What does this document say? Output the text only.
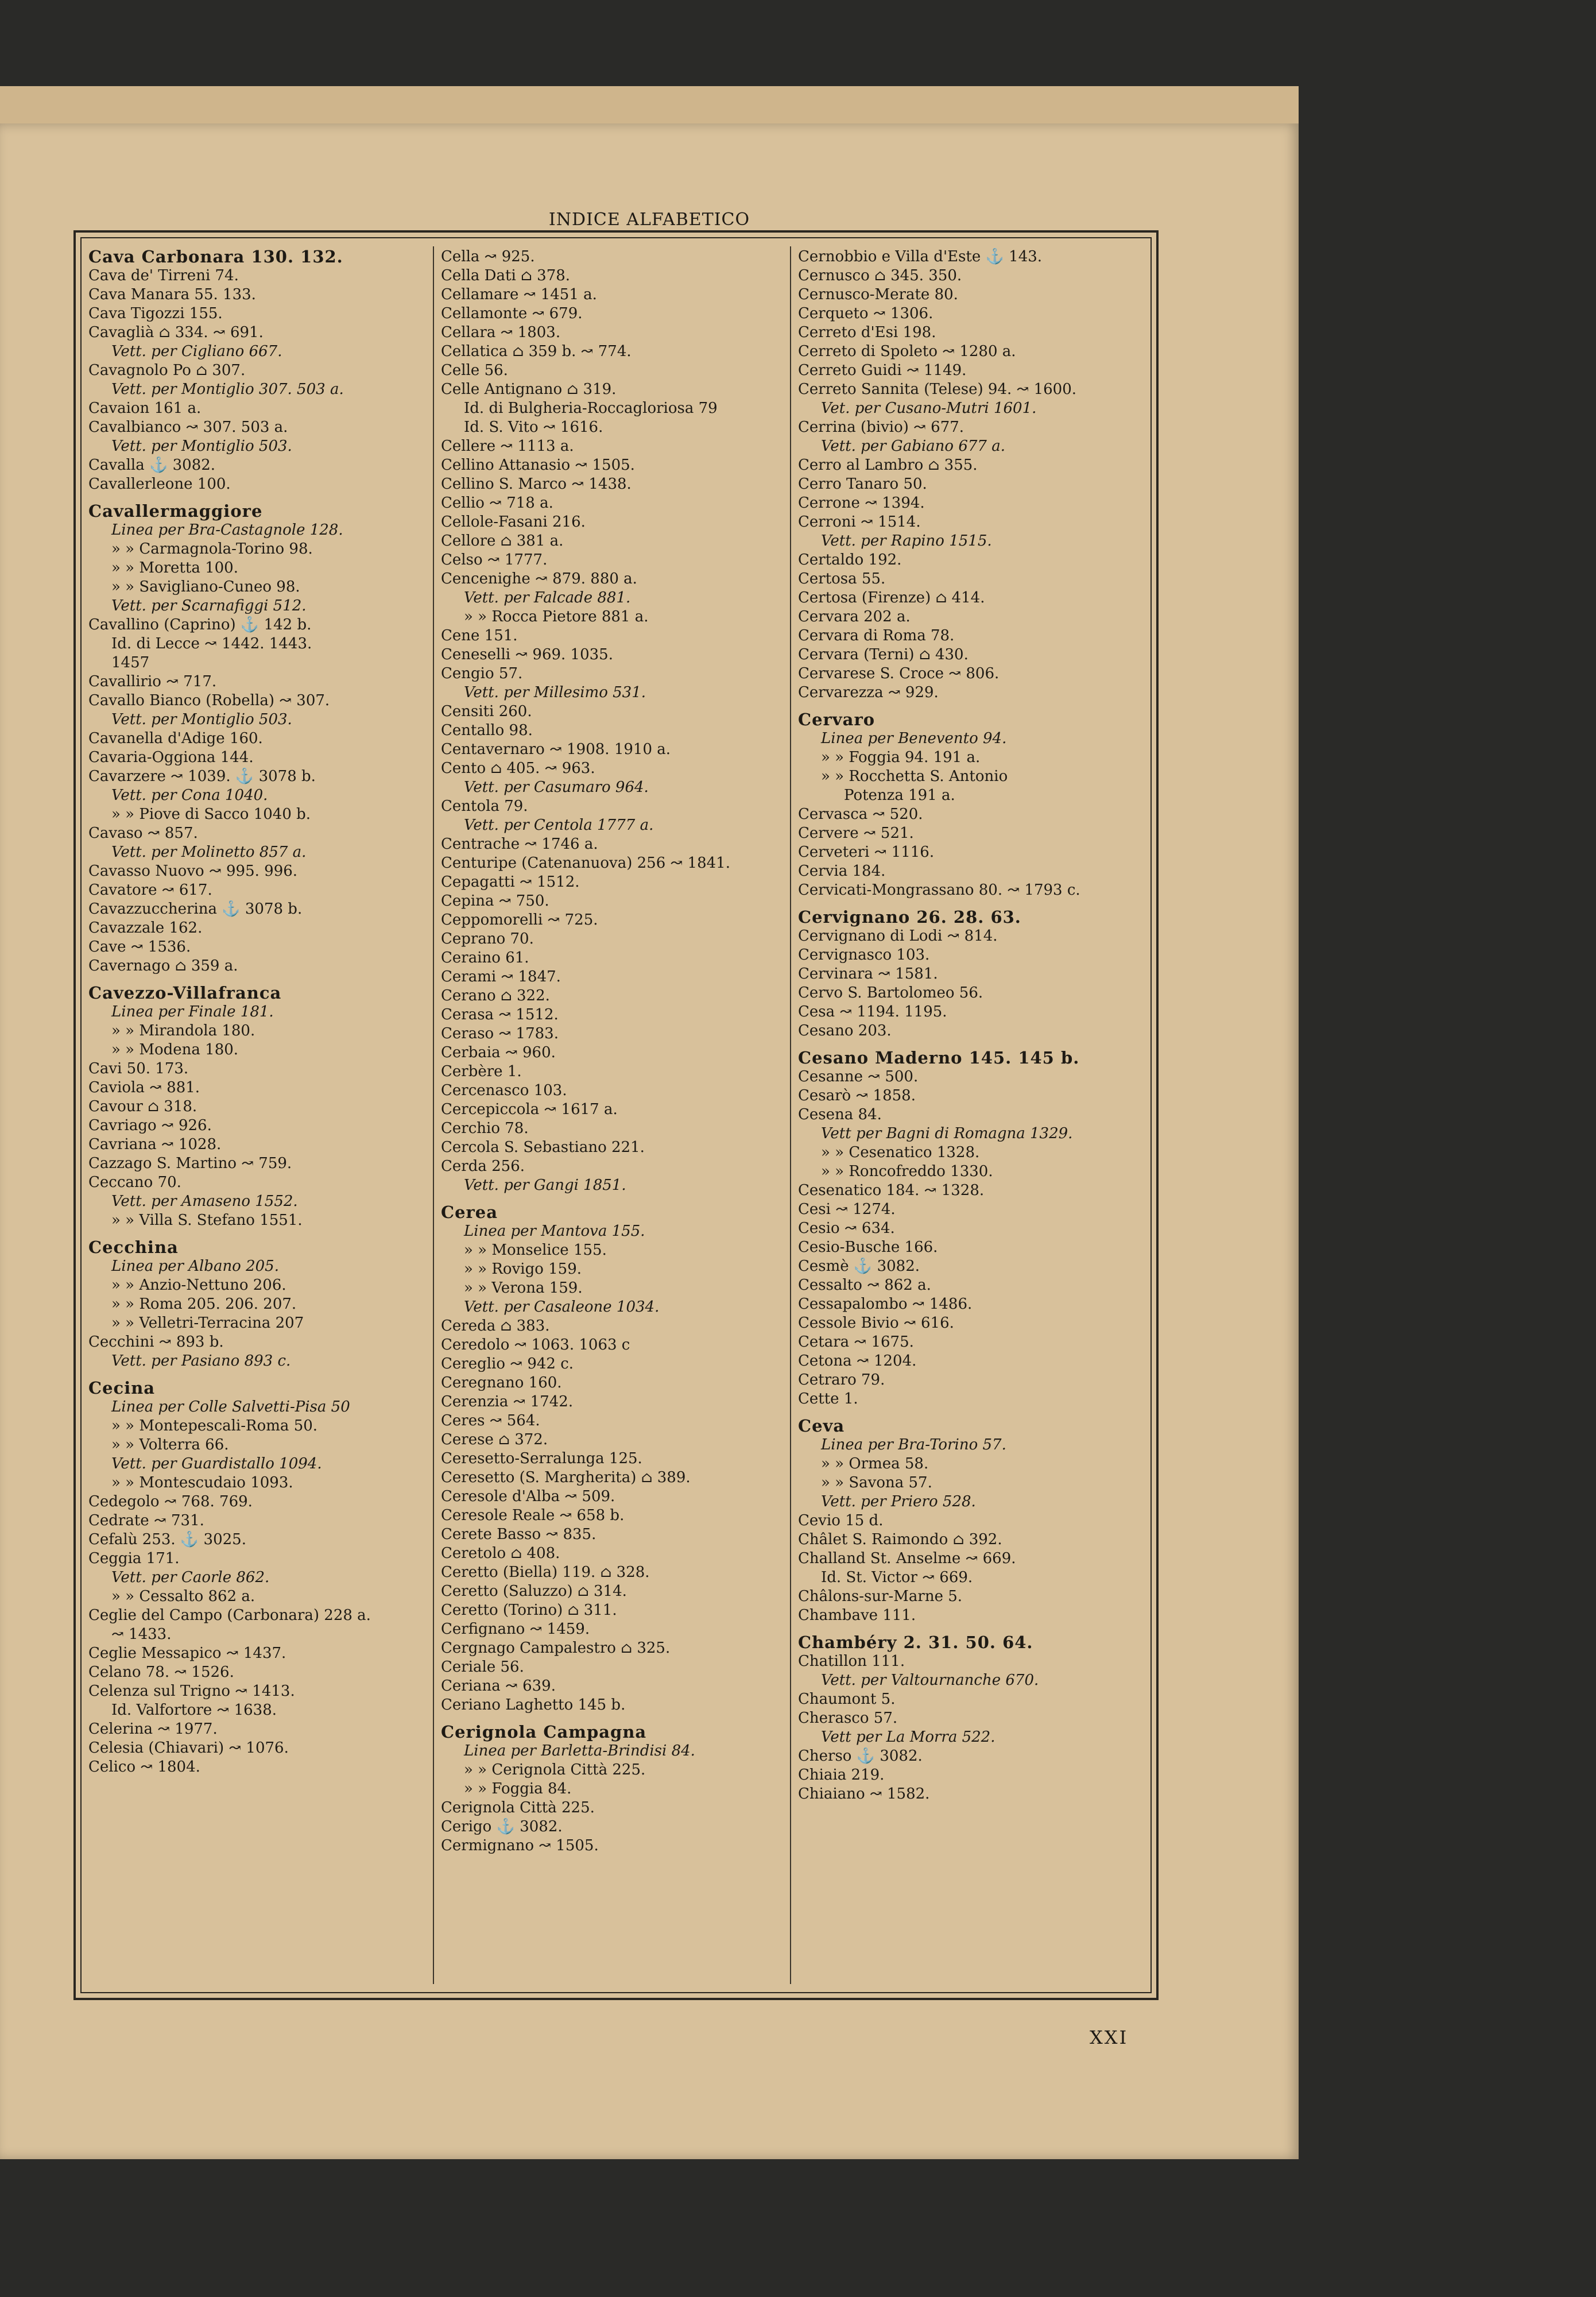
INDICE ALFABETICO
Cava Carbonara 130. 132.
Cava de' Tirreni 74.
Cava Manara 55. 133.
Cava Tigozzi 155.
Cavaglià ⌂ 334. ↝ 691.
Vett. per Cigliano 667.
Cavagnolo Po ⌂ 307.
Vett. per Montiglio 307. 503 a.
Cavaion 161 a.
Cavalbianco ↝ 307. 503 a.
Vett. per Montiglio 503.
Cavalla ⚓ 3082.
Cavallerleone 100.
Cavallermaggiore
Linea per Bra-Castagnole 128.
» » Carmagnola-Torino 98.
» » Moretta 100.
» » Savigliano-Cuneo 98.
Vett. per Scarnafiggi 512.
Cavallino (Caprino) ⚓ 142 b.
Id. di Lecce ↝ 1442. 1443.
1457
Cavallirio ↝ 717.
Cavallo Bianco (Robella) ↝ 307.
Vett. per Montiglio 503.
Cavanella d'Adige 160.
Cavaria-Oggiona 144.
Cavarzere ↝ 1039. ⚓ 3078 b.
Vett. per Cona 1040.
» » Piove di Sacco 1040 b.
Cavaso ↝ 857.
Vett. per Molinetto 857 a.
Cavasso Nuovo ↝ 995. 996.
Cavatore ↝ 617.
Cavazzuccherina ⚓ 3078 b.
Cavazzale 162.
Cave ↝ 1536.
Cavernago ⌂ 359 a.
Cavezzo-Villafranca
Linea per Finale 181.
» » Mirandola 180.
» » Modena 180.
Cavi 50. 173.
Caviola ↝ 881.
Cavour ⌂ 318.
Cavriago ↝ 926.
Cavriana ↝ 1028.
Cazzago S. Martino ↝ 759.
Ceccano 70.
Vett. per Amaseno 1552.
» » Villa S. Stefano 1551.
Cecchina
Linea per Albano 205.
» » Anzio-Nettuno 206.
» » Roma 205. 206. 207.
» » Velletri-Terracina 207
Cecchini ↝ 893 b.
Vett. per Pasiano 893 c.
Cecina
Linea per Colle Salvetti-Pisa 50
» » Montepescali-Roma 50.
» » Volterra 66.
Vett. per Guardistallo 1094.
» » Montescudaio 1093.
Cedegolo ↝ 768. 769.
Cedrate ↝ 731.
Cefalù 253. ⚓ 3025.
Ceggia 171.
Vett. per Caorle 862.
» » Cessalto 862 a.
Ceglie del Campo (Carbonara) 228 a.
↝ 1433.
Ceglie Messapico ↝ 1437.
Celano 78. ↝ 1526.
Celenza sul Trigno ↝ 1413.
Id. Valfortore ↝ 1638.
Celerina ↝ 1977.
Celesia (Chiavari) ↝ 1076.
Celico ↝ 1804.
Cella ↝ 925.
Cella Dati ⌂ 378.
Cellamare ↝ 1451 a.
Cellamonte ↝ 679.
Cellara ↝ 1803.
Cellatica ⌂ 359 b. ↝ 774.
Celle 56.
Celle Antignano ⌂ 319.
Id. di Bulgheria-Roccagloriosa 79
Id. S. Vito ↝ 1616.
Cellere ↝ 1113 a.
Cellino Attanasio ↝ 1505.
Cellino S. Marco ↝ 1438.
Cellio ↝ 718 a.
Cellole-Fasani 216.
Cellore ⌂ 381 a.
Celso ↝ 1777.
Cencenighe ↝ 879. 880 a.
Vett. per Falcade 881.
» » Rocca Pietore 881 a.
Cene 151.
Ceneselli ↝ 969. 1035.
Cengio 57.
Vett. per Millesimo 531.
Censiti 260.
Centallo 98.
Centavernaro ↝ 1908. 1910 a.
Cento ⌂ 405. ↝ 963.
Vett. per Casumaro 964.
Centola 79.
Vett. per Centola 1777 a.
Centrache ↝ 1746 a.
Centuripe (Catenanuova) 256 ↝ 1841.
Cepagatti ↝ 1512.
Cepina ↝ 750.
Ceppomorelli ↝ 725.
Ceprano 70.
Ceraino 61.
Cerami ↝ 1847.
Cerano ⌂ 322.
Cerasa ↝ 1512.
Ceraso ↝ 1783.
Cerbaia ↝ 960.
Cerbère 1.
Cercenasco 103.
Cercepiccola ↝ 1617 a.
Cerchio 78.
Cercola S. Sebastiano 221.
Cerda 256.
Vett. per Gangi 1851.
Cerea
Linea per Mantova 155.
» » Monselice 155.
» » Rovigo 159.
» » Verona 159.
Vett. per Casaleone 1034.
Cereda ⌂ 383.
Ceredolo ↝ 1063. 1063 c
Cereglio ↝ 942 c.
Ceregnano 160.
Cerenzia ↝ 1742.
Ceres ↝ 564.
Cerese ⌂ 372.
Ceresetto-Serralunga 125.
Ceresetto (S. Margherita) ⌂ 389.
Ceresole d'Alba ↝ 509.
Ceresole Reale ↝ 658 b.
Cerete Basso ↝ 835.
Ceretolo ⌂ 408.
Ceretto (Biella) 119. ⌂ 328.
Ceretto (Saluzzo) ⌂ 314.
Ceretto (Torino) ⌂ 311.
Cerfignano ↝ 1459.
Cergnago Campalestro ⌂ 325.
Ceriale 56.
Ceriana ↝ 639.
Ceriano Laghetto 145 b.
Cerignola Campagna
Linea per Barletta-Brindisi 84.
» » Cerignola Città 225.
» » Foggia 84.
Cerignola Città 225.
Cerigo ⚓ 3082.
Cermignano ↝ 1505.
Cernobbio e Villa d'Este ⚓ 143.
Cernusco ⌂ 345. 350.
Cernusco-Merate 80.
Cerqueto ↝ 1306.
Cerreto d'Esi 198.
Cerreto di Spoleto ↝ 1280 a.
Cerreto Guidi ↝ 1149.
Cerreto Sannita (Telese) 94. ↝ 1600.
Vet. per Cusano-Mutri 1601.
Cerrina (bivio) ↝ 677.
Vett. per Gabiano 677 a.
Cerro al Lambro ⌂ 355.
Cerro Tanaro 50.
Cerrone ↝ 1394.
Cerroni ↝ 1514.
Vett. per Rapino 1515.
Certaldo 192.
Certosa 55.
Certosa (Firenze) ⌂ 414.
Cervara 202 a.
Cervara di Roma 78.
Cervara (Terni) ⌂ 430.
Cervarese S. Croce ↝ 806.
Cervarezza ↝ 929.
Cervaro
Linea per Benevento 94.
» » Foggia 94. 191 a.
» » Rocchetta S. Antonio
Potenza 191 a.
Cervasca ↝ 520.
Cervere ↝ 521.
Cerveteri ↝ 1116.
Cervia 184.
Cervicati-Mongrassano 80. ↝ 1793 c.
Cervignano 26. 28. 63.
Cervignano di Lodi ↝ 814.
Cervignasco 103.
Cervinara ↝ 1581.
Cervo S. Bartolomeo 56.
Cesa ↝ 1194. 1195.
Cesano 203.
Cesano Maderno 145. 145 b.
Cesanne ↝ 500.
Cesarò ↝ 1858.
Cesena 84.
Vett per Bagni di Romagna 1329.
» » Cesenatico 1328.
» » Roncofreddo 1330.
Cesenatico 184. ↝ 1328.
Cesi ↝ 1274.
Cesio ↝ 634.
Cesio-Busche 166.
Cesmè ⚓ 3082.
Cessalto ↝ 862 a.
Cessapalombo ↝ 1486.
Cessole Bivio ↝ 616.
Cetara ↝ 1675.
Cetona ↝ 1204.
Cetraro 79.
Cette 1.
Ceva
Linea per Bra-Torino 57.
» » Ormea 58.
» » Savona 57.
Vett. per Priero 528.
Cevio 15 d.
Châlet S. Raimondo ⌂ 392.
Challand St. Anselme ↝ 669.
Id. St. Victor ↝ 669.
Châlons-sur-Marne 5.
Chambave 111.
Chambéry 2. 31. 50. 64.
Chatillon 111.
Vett. per Valtournanche 670.
Chaumont 5.
Cherasco 57.
Vett per La Morra 522.
Cherso ⚓ 3082.
Chiaia 219.
Chiaiano ↝ 1582.
XXI
